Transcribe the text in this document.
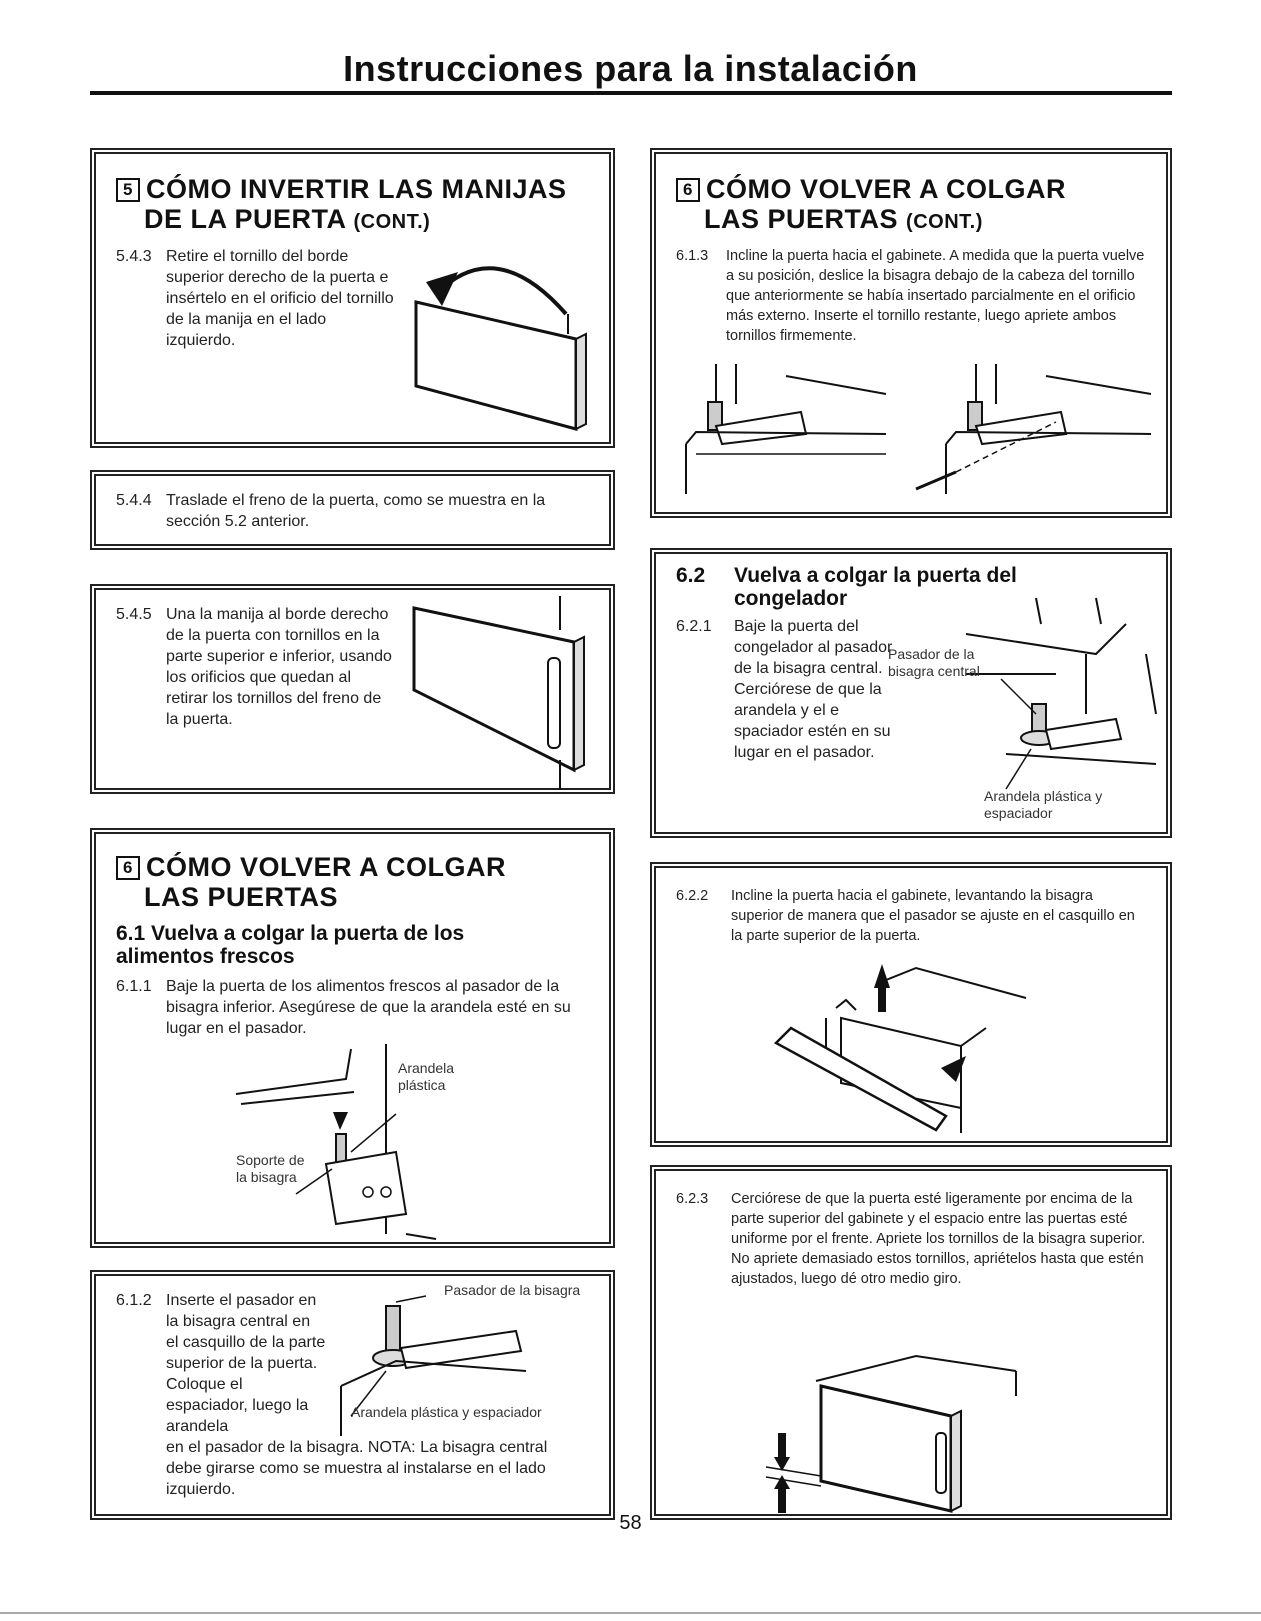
Instrucciones para la instalación
5 CÓMO INVERTIR LAS MANIJAS
DE LA PUERTA (CONT.)
5.4.3 Retire el tornillo del borde superior derecho de la puerta e insértelo en el orificio del tornillo de la manija en el lado izquierdo.
5.4.4 Traslade el freno de la puerta, como se muestra en la sección 5.2 anterior.
5.4.5 Una la manija al borde derecho de la puerta con tornillos en la parte superior e inferior, usando los orificios que quedan al retirar los tornillos del freno de la puerta.
6 CÓMO VOLVER A COLGAR
LAS PUERTAS
6.1 Vuelva a colgar la puerta de los alimentos frescos
6.1.1 Baje la puerta de los alimentos frescos al pasador de la bisagra inferior. Asegúrese de que la arandela esté en su lugar en el pasador.
Arandela plástica
Soporte de la bisagra
6.1.2 Inserte el pasador en la bisagra central en el casquillo de la parte superior de la puerta. Coloque el espaciador, luego la arandela
en el pasador de la bisagra. NOTA: La bisagra central debe girarse como se muestra al instalarse en el lado izquierdo.
Pasador de la bisagra
Arandela plástica y espaciador
6 CÓMO VOLVER A COLGAR
LAS PUERTAS (CONT.)
6.1.3	Incline la puerta hacia el gabinete. A medida que la puerta vuelve a su posición, deslice la bisagra debajo de la cabeza del tornillo que anteriormente se había insertado parcialmente en el orificio más externo. Inserte el tornillo restante, luego apriete ambos tornillos firmemente.
6.2	Vuelva a colgar la puerta del congelador
6.2.1	Baje la puerta del congelador al pasador de la bisagra central. Cerciórese de que la arandela y el e spaciador estén en su lugar en el pasador.
Pasador de la bisagra central
Arandela plástica y espaciador
6.2.2	Incline la puerta hacia el gabinete, levantando la bisagra superior de manera que el pasador se ajuste en el casquillo en la parte superior de la puerta.
6.2.3	Cerciórese de que la puerta esté ligeramente por encima de la parte superior del gabinete y el espacio entre las puertas esté uniforme por el frente. Apriete los tornillos de la bisagra superior. No apriete demasiado estos tornillos, apriételos hasta que estén ajustados, luego dé otro medio giro.
58
